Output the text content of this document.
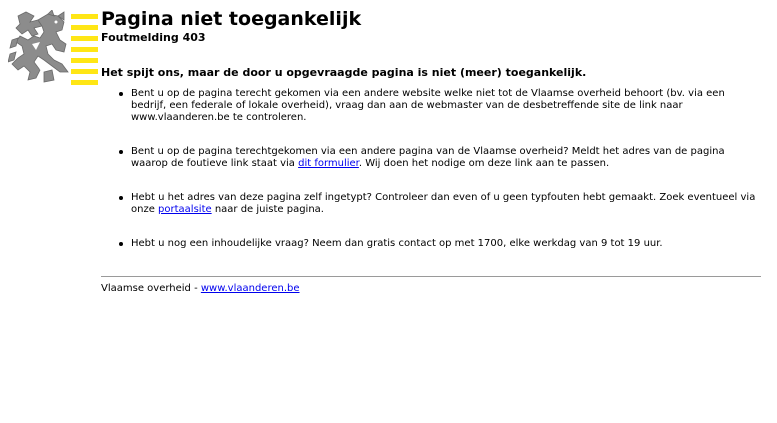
Pagina niet toegankelijk
Foutmelding 403
Het spijt ons, maar de door u opgevraagde pagina is niet (meer) toegankelijk.
Bent u op de pagina terecht gekomen via een andere website welke niet tot de Vlaamse overheid behoort (bv. via een bedrijf, een federale of lokale overheid), vraag dan aan de webmaster van de desbetreffende site de link naar www.vlaanderen.be te controleren.
Bent u op de pagina terechtgekomen via een andere pagina van de Vlaamse overheid? Meldt het adres van de pagina waarop de foutieve link staat via dit formulier. Wij doen het nodige om deze link aan te passen.
Hebt u het adres van deze pagina zelf ingetypt? Controleer dan even of u geen typfouten hebt gemaakt. Zoek eventueel via onze portaalsite naar de juiste pagina.
Hebt u nog een inhoudelijke vraag? Neem dan gratis contact op met 1700, elke werkdag van 9 tot 19 uur.
Vlaamse overheid - www.vlaanderen.be
